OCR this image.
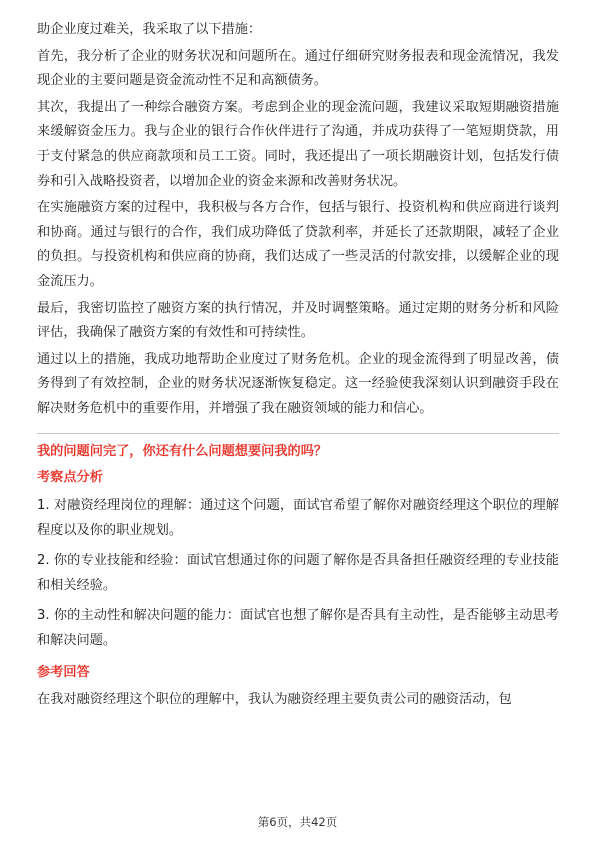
助企业度过难关，我采取了以下措施：

首先，我分析了企业的财务状况和问题所在。通过仔细研究财务报表和现金流情况，我发现企业的主要问题是资金流动性不足和高额债务。

其次，我提出了一种综合融资方案。考虑到企业的现金流问题，我建议采取短期融资措施来缓解资金压力。我与企业的银行合作伙伴进行了沟通，并成功获得了一笔短期贷款，用于支付紧急的供应商款项和员工工资。同时，我还提出了一项长期融资计划，包括发行债券和引入战略投资者，以增加企业的资金来源和改善财务状况。

在实施融资方案的过程中，我积极与各方合作，包括与银行、投资机构和供应商进行谈判和协商。通过与银行的合作，我们成功降低了贷款利率，并延长了还款期限，减轻了企业的负担。与投资机构和供应商的协商，我们达成了一些灵活的付款安排，以缓解企业的现金流压力。

最后，我密切监控了融资方案的执行情况，并及时调整策略。通过定期的财务分析和风险评估，我确保了融资方案的有效性和可持续性。

通过以上的措施，我成功地帮助企业度过了财务危机。企业的现金流得到了明显改善，债务得到了有效控制，企业的财务状况逐渐恢复稳定。这一经验使我深刻认识到融资手段在解决财务危机中的重要作用，并增强了我在融资领域的能力和信心。

我的问题问完了，你还有什么问题想要问我的吗？

考察点分析

1. 对融资经理岗位的理解：通过这个问题，面试官希望了解你对融资经理这个职位的理解程度以及你的职业规划。

2. 你的专业技能和经验：面试官想通过你的问题了解你是否具备担任融资经理的专业技能和相关经验。

3. 你的主动性和解决问题的能力：面试官也想了解你是否具有主动性，是否能够主动思考和解决问题。

参考回答

在我对融资经理这个职位的理解中，我认为融资经理主要负责公司的融资活动，包

第6页，共42页
